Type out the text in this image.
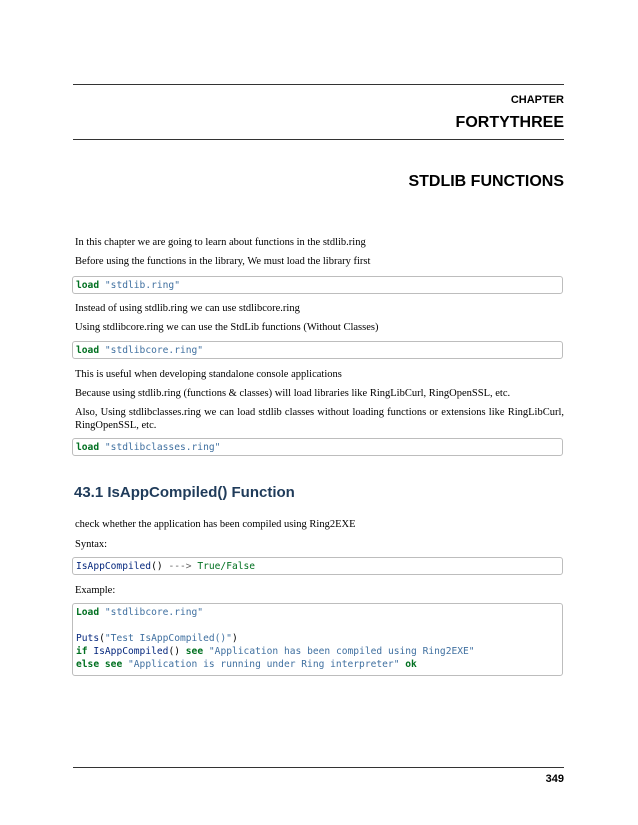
CHAPTER
FORTYTHREE
STDLIB FUNCTIONS
In this chapter we are going to learn about functions in the stdlib.ring
Before using the functions in the library, We must load the library first
load "stdlib.ring"
Instead of using stdlib.ring we can use stdlibcore.ring
Using stdlibcore.ring we can use the StdLib functions (Without Classes)
load "stdlibcore.ring"
This is useful when developing standalone console applications
Because using stdlib.ring (functions & classes) will load libraries like RingLibCurl, RingOpenSSL, etc.
Also, Using stdlibclasses.ring we can load stdlib classes without loading functions or extensions like RingLibCurl, RingOpenSSL, etc.
load "stdlibclasses.ring"
43.1 IsAppCompiled() Function
check whether the application has been compiled using Ring2EXE
Syntax:
IsAppCompiled() ---> True/False
Example:
Load "stdlibcore.ring"

Puts("Test IsAppCompiled()")
if IsAppCompiled() see "Application has been compiled using Ring2EXE"
else see "Application is running under Ring interpreter" ok
349
